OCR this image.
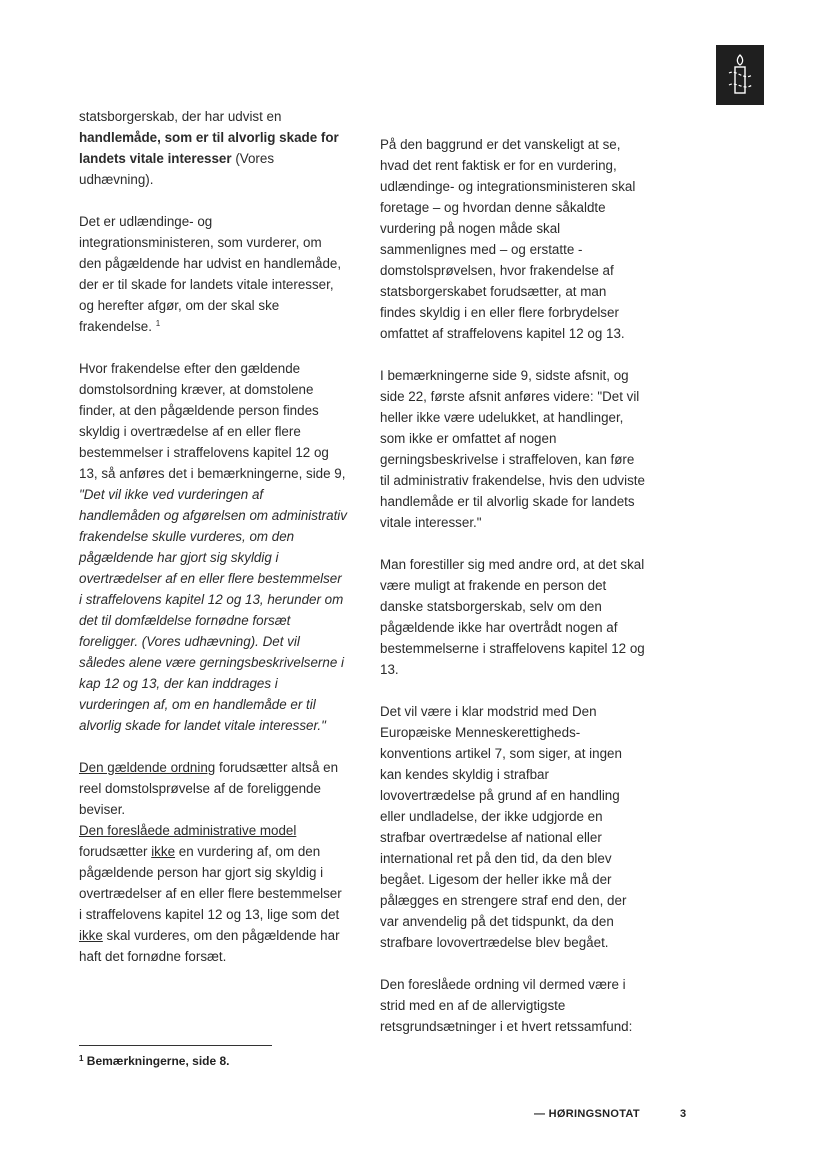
statsborgerskab, der har udvist en handlemåde, som er til alvorlig skade for landets vitale interesser (Vores udhævning).

Det er udlændinge- og integrationsministeren, som vurderer, om den pågældende har udvist en handlemåde, der er til skade for landets vitale interesser, og herefter afgør, om der skal ske frakendelse. $^1$

Hvor frakendelse efter den gældende domstolsordning kræver, at domstolene finder, at den pågældende person findes skyldig i overtrædelse af en eller flere bestemmelser i straffelovens kapitel 12 og 13, så anføres det i bemærkningerne, side 9,
"Det vil ikke ved vurderingen af handlemåden og afgørelsen om administrativ frakendelse skulle vurderes, om den pågældende har gjort sig skyldig i overtrædelser af en eller flere bestemmelser i straffelovens kapitel 12 og 13, herunder om det til domfældelse fornødne forsæt foreligger. (Vores udhævning). Det vil således alene være gerningsbeskrivelserne i kap 12 og 13, der kan inddrages i vurderingen af, om en handlemåde er til alvorlig skade for landet vitale interesser."

Den gældende ordning forudsætter altså en reel domstolsprøvelse af de foreliggende beviser.

Den foreslåede administrative model forudsætter ikke en vurdering af, om den pågældende person har gjort sig skyldig i overtrædelser af en eller flere bestemmelser i straffelovens kapitel 12 og 13, lige som det ikke skal vurderes, om den pågældende har haft det fornødne forsæt.

På den baggrund er det vanskeligt at se, hvad det rent faktisk er for en vurdering, udlændinge- og integrationsministeren skal foretage – og hvordan denne såkaldte vurdering på nogen måde skal sammenlignes med – og erstatte - domstolsprøvelsen, hvor frakendelse af statsborgerskabet forudsætter, at man findes skyldig i en eller flere forbrydelser omfattet af straffelovens kapitel 12 og 13.

I bemærkningerne side 9, sidste afsnit, og side 22, første afsnit anføres videre: "Det vil heller ikke være udelukket, at handlinger, som ikke er omfattet af nogen gerningsbeskrivelse i straffeloven, kan føre til administrativ frakendelse, hvis den udviste handlemåde er til alvorlig skade for landets vitale interesser."

Man forestiller sig med andre ord, at det skal være muligt at frakende en person det danske statsborgerskab, selv om den pågældende ikke har overtrådt nogen af bestemmelserne i straffelovens kapitel 12 og 13.

Det vil være i klar modstrid med Den Europæiske Menneskerettigheds-konventions artikel 7, som siger, at ingen kan kendes skyldig i strafbar lovovertrædelse på grund af en handling eller undladelse, der ikke udgjorde en strafbar overtrædelse af national eller international ret på den tid, da den blev begået. Ligesom der heller ikke må der pålægges en strengere straf end den, der var anvendelig på det tidspunkt, da den strafbare lovovertrædelse blev begået.

Den foreslåede ordning vil dermed være i strid med en af de allervigtigste retsgrundsætninger i et hvert retssamfund:

$^1$ Bemærkningerne, side 8.
— HØRINGSNOTAT	3
